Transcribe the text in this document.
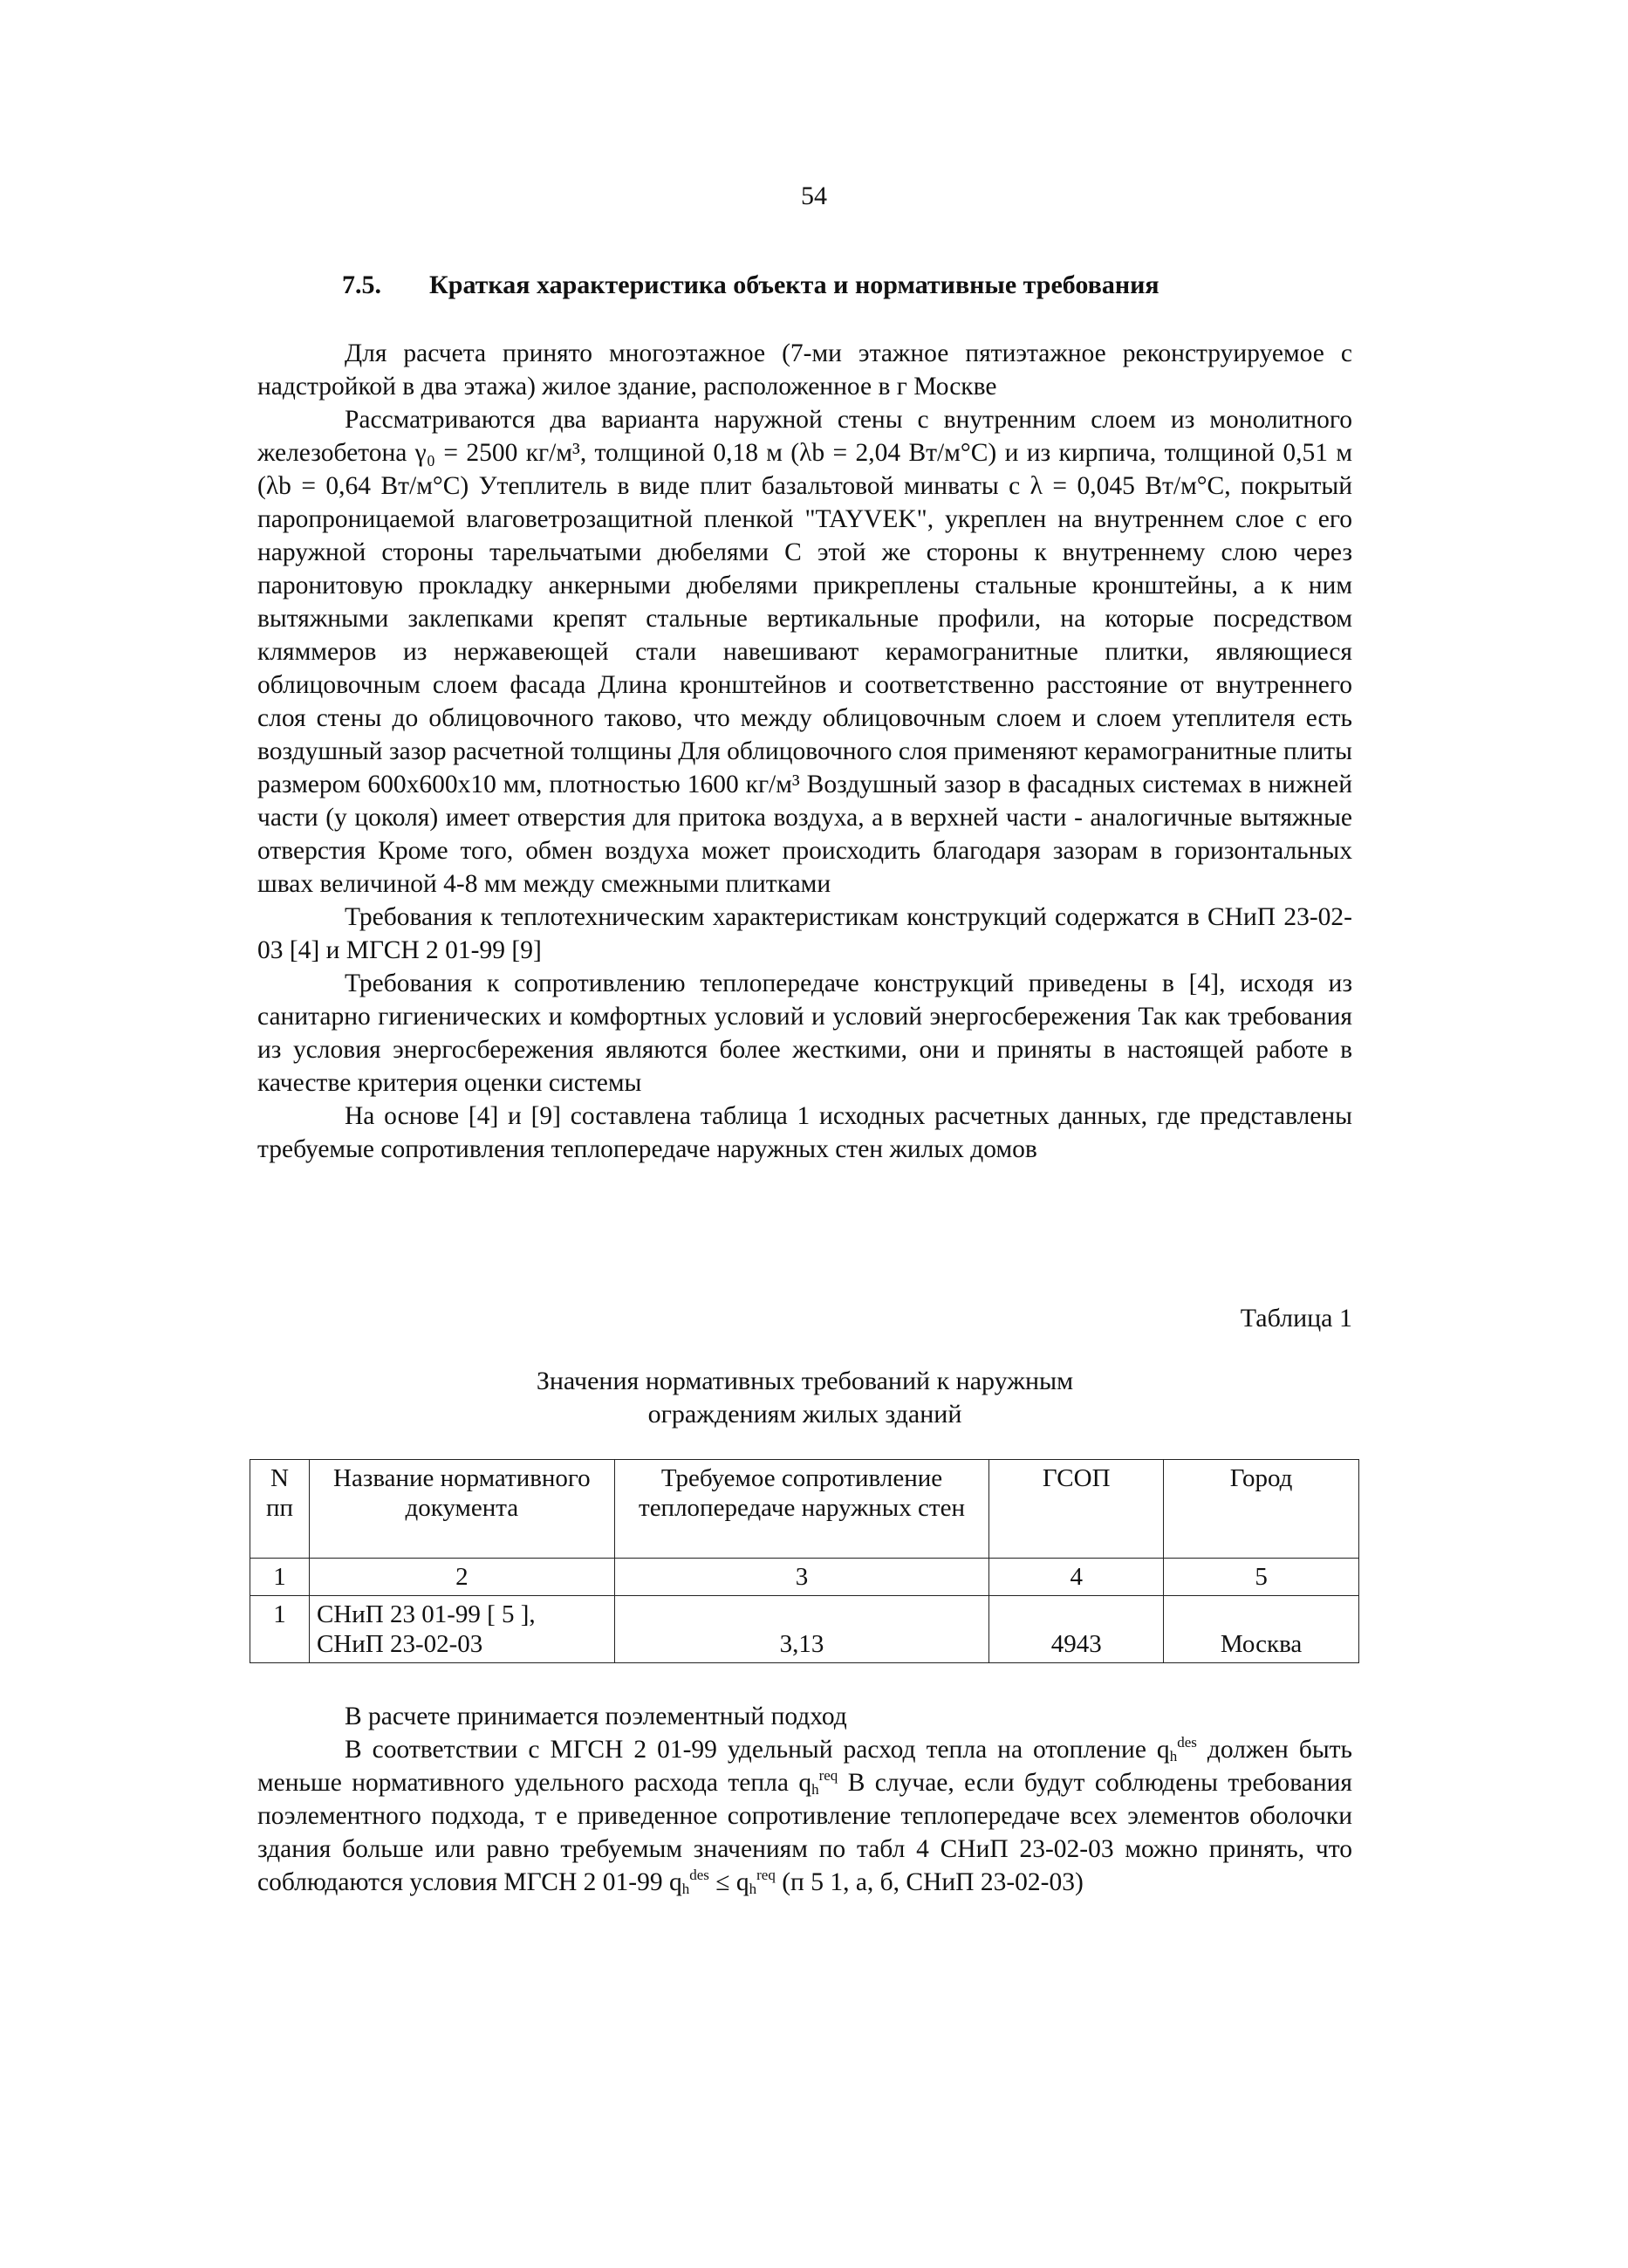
54
7.5. Краткая характеристика объекта и нормативные требования

Для расчета принято многоэтажное (7-ми этажное пятиэтажное реконструируемое с надстройкой в два этажа) жилое здание, расположенное в г Москве

Рассматриваются два варианта наружной стены с внутренним слоем из монолитного железобетона γ₀ = 2500 кг/м³, толщиной 0,18 м (λb = 2,04 Вт/м°С) и из кирпича, толщиной 0,51 м (λb = 0,64 Вт/м°С) Утеплитель в виде плит базальтовой минваты с λ = 0,045 Вт/м°С, покрытый паропроницаемой влаговетрозащитной пленкой "TAYVEK", укреплен на внутреннем слое с его наружной стороны тарельчатыми дюбелями С этой же стороны к внутреннему слою через паронитовую прокладку анкерными дюбелями прикреплены стальные кронштейны, а к ним вытяжными заклепками крепят стальные вертикальные профили, на которые посредством кляммеров из нержавеющей стали навешивают керамогранитные плитки, являющиеся облицовочным слоем фасада Длина кронштейнов и соответственно расстояние от внутреннего слоя стены до облицовочного таково, что между облицовочным слоем и слоем утеплителя есть воздушный зазор расчетной толщины Для облицовочного слоя применяют керамогранитные плиты размером 600х600х10 мм, плотностью 1600 кг/м³ Воздушный зазор в фасадных системах в нижней части (у цоколя) имеет отверстия для притока воздуха, а в верхней части - аналогичные вытяжные отверстия Кроме того, обмен воздуха может происходить благодаря зазорам в горизонтальных швах величиной 4-8 мм между смежными плитками

Требования к теплотехническим характеристикам конструкций содержатся в СНиП 23-02-03 [4] и МГСН 2 01-99 [9]

Требования к сопротивлению теплопередаче конструкций приведены в [4], исходя из санитарно гигиенических и комфортных условий и условий энергосбережения Так как требования из условия энергосбережения являются более жесткими, они и приняты в настоящей работе в качестве критерия оценки системы

На основе [4] и [9] составлена таблица 1 исходных расчетных данных, где представлены требуемые сопротивления теплопередаче наружных стен жилых домов

Таблица 1
Значения нормативных требований к наружным
ограждениям жилых зданий
N пп	Название нормативного документа	Требуемое сопротивление теплопередаче наружных стен	ГСОП	Город
1	2	3	4	5
1	СНиП 23 01-99 [ 5 ],
СНиП 23-02-03	3,13	4943	Москва

В расчете принимается поэлементный подход

В соответствии с МГСН 2 01-99 удельный расход тепла на отопление $q_h^{des}$ должен быть меньше нормативного удельного расхода тепла $q_h^{req}$ В случае, если будут соблюдены требования поэлементного подхода, т е приведенное сопротивление теплопередаче всех элементов оболочки здания больше или равно требуемым значениям по табл 4 СНиП 23-02-03 можно принять, что соблюдаются условия МГСН 2 01-99 $q_h^{des} \le q_h^{req}$ (п 5 1, а, б, СНиП 23-02-03)
